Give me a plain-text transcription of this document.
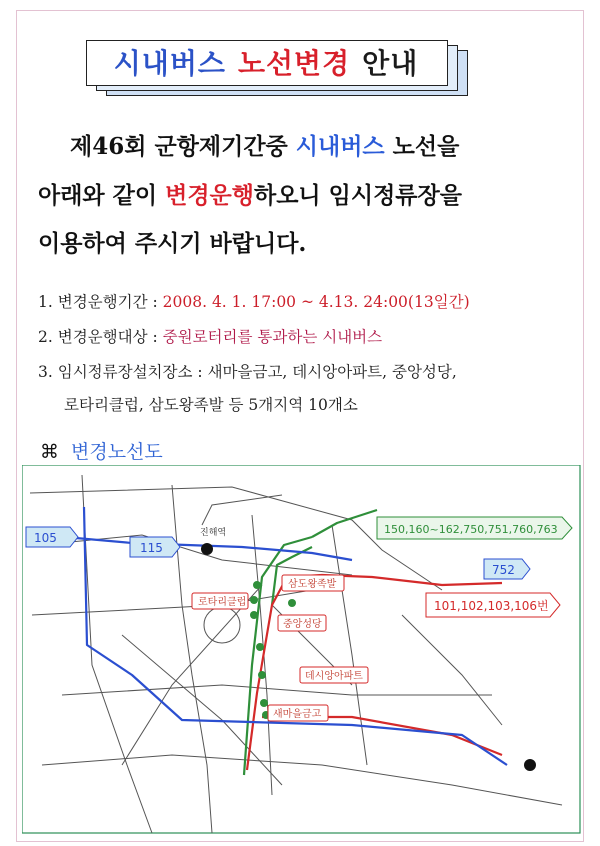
시내버스 노선변경 안내
제46회 군항제기간중 시내버스 노선을
아래와 같이 변경운행하오니 임시정류장을
이용하여 주시기 바랍니다.
1. 변경운행기간 : 2008. 4. 1. 17:00 ~ 4.13. 24:00(13일간)
2. 변경운행대상 : 중원로터리를 통과하는 시내버스
3. 임시정류장설치장소 : 새마을금고, 데시앙아파트, 중앙성당,
로타리클럽, 삼도왕족발 등 5개지역 10개소
⌘ 변경노선도
진해역
105
115
752
150,160~162,750,751,760,763
101,102,103,106번
로타리클럽
삼도왕족발
중앙성당
데시앙아파트
새마을금고
